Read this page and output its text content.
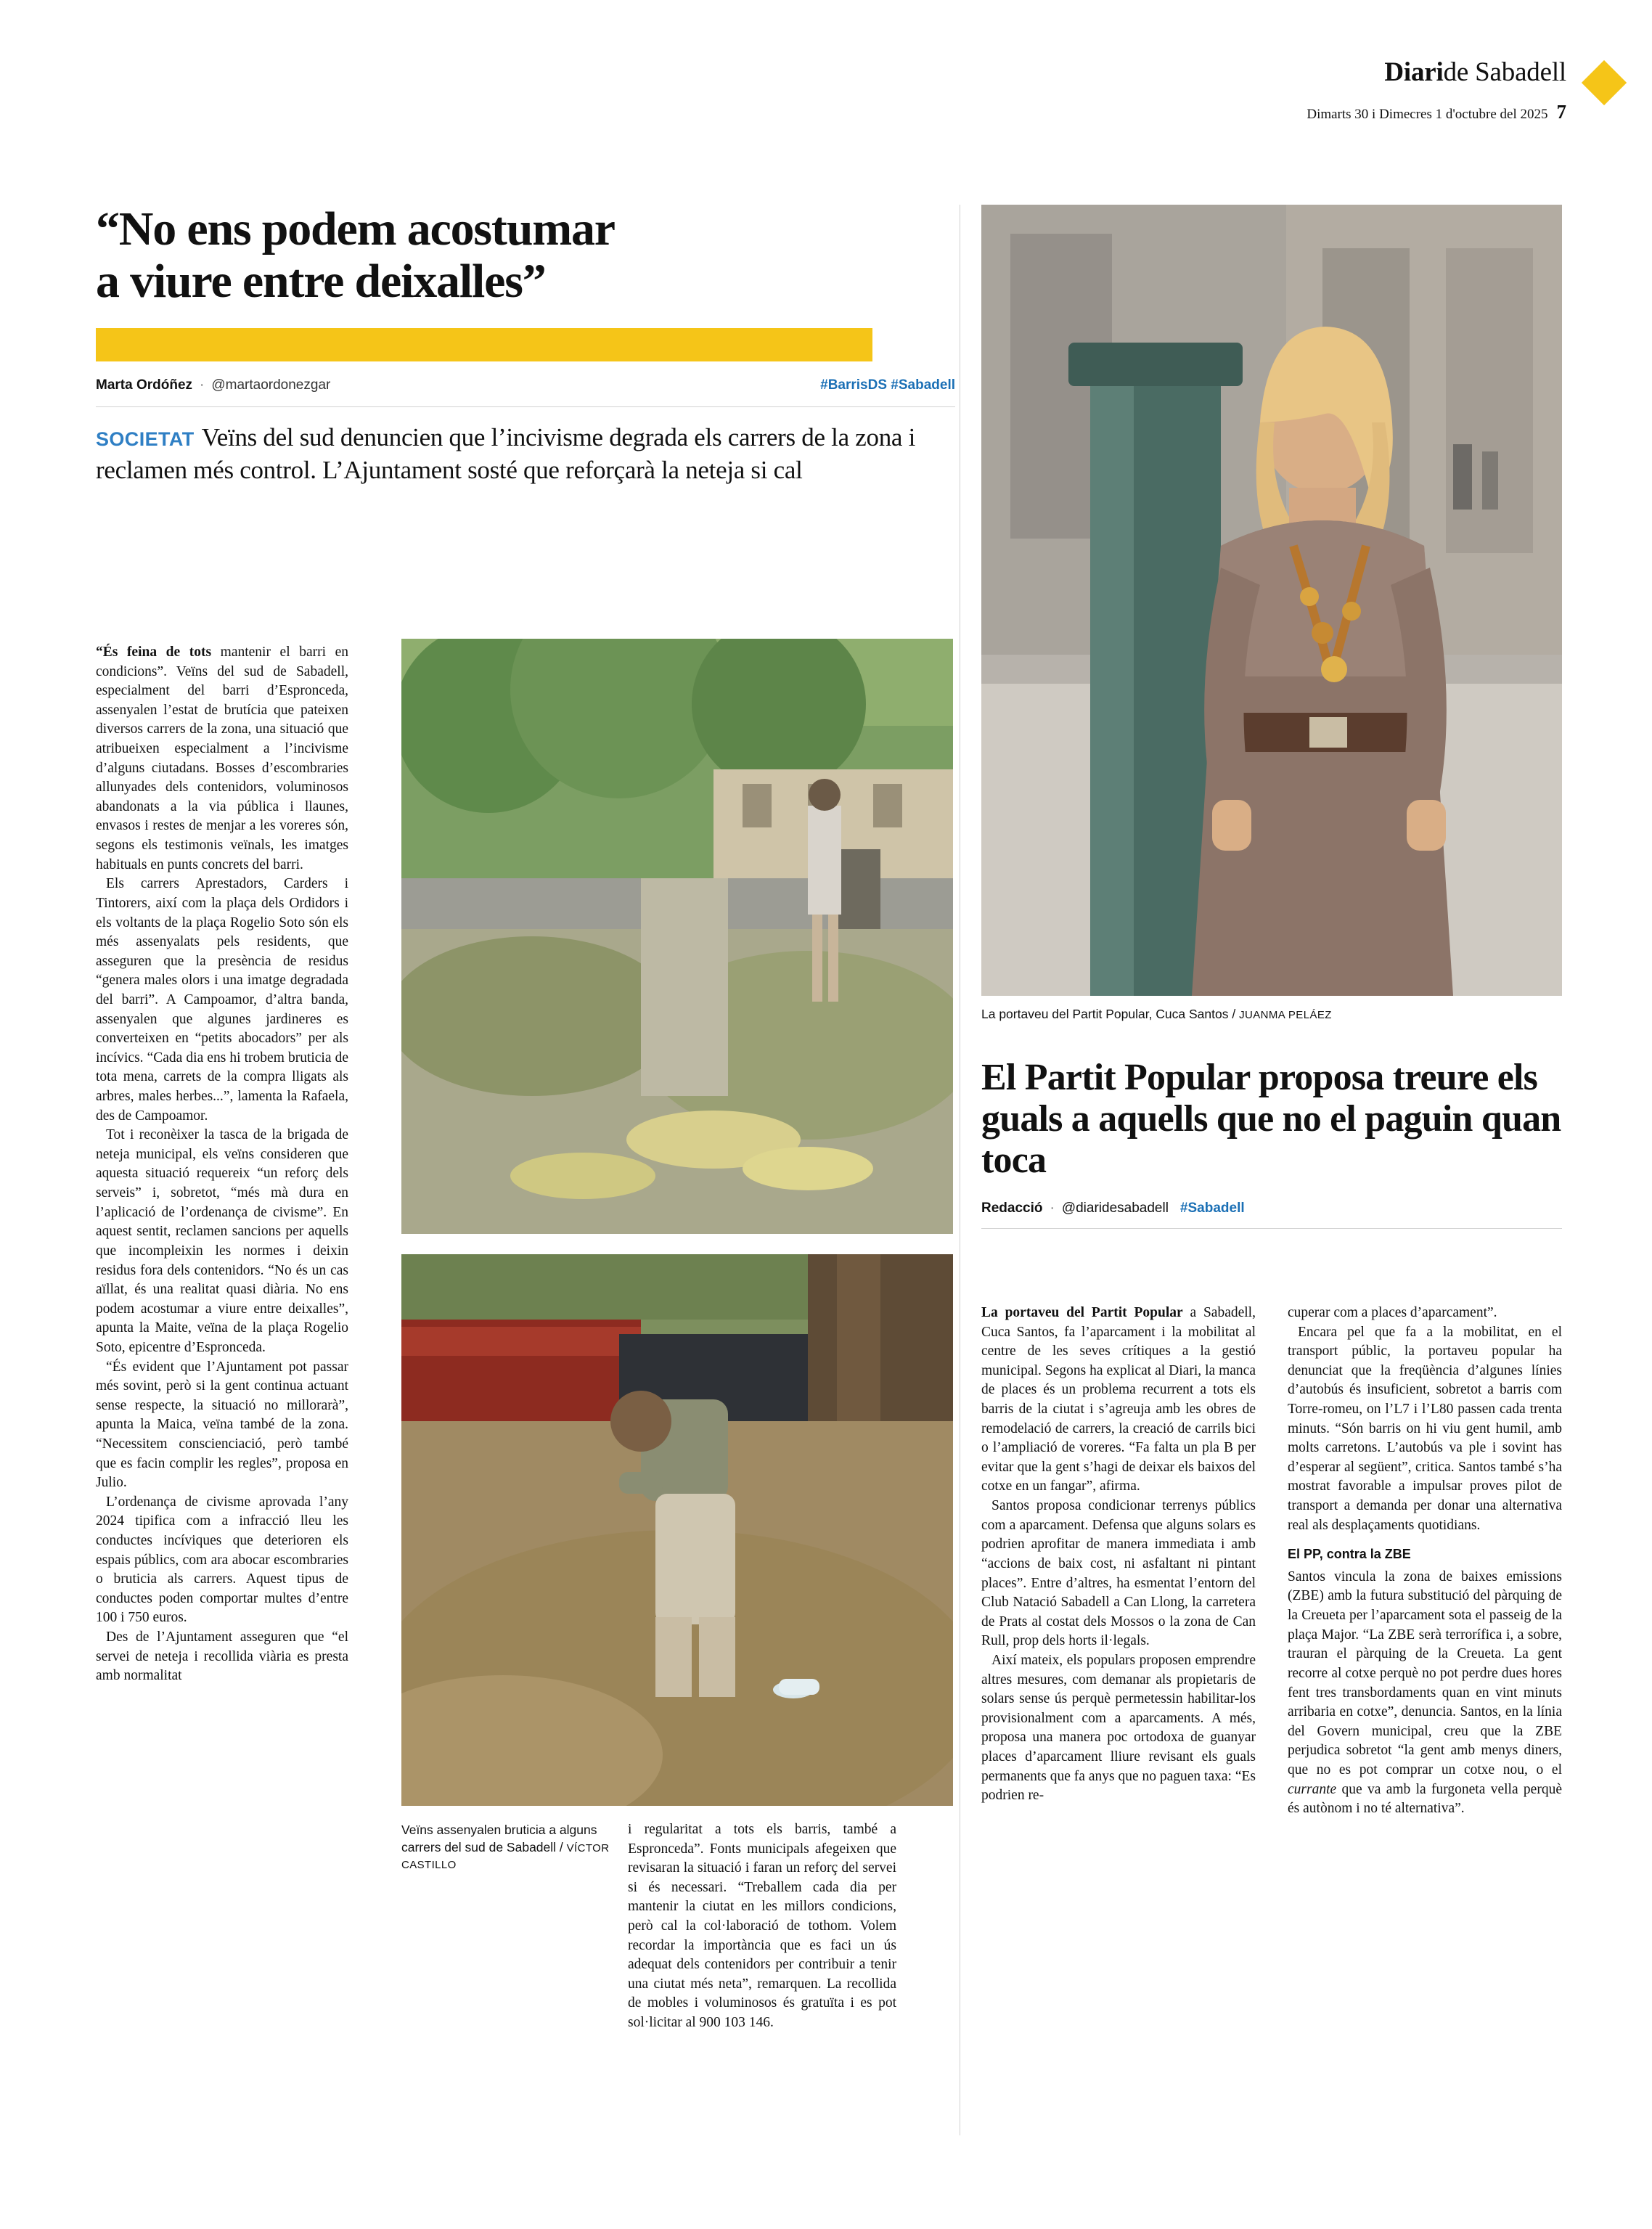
Diaride Sabadell
Dimarts 30 i Dimecres 1 d'octubre del 2025 7
“No ens podem acostumar
a viure entre deixalles”
Marta Ordóñez · @martaordonezgar	#BarrisDS #Sabadell
SOCIETAT Veïns del sud denuncien que l’incivisme degrada els carrers de la zona i reclamen més control. L’Ajuntament sosté que reforçarà la neteja si cal

“És feina de tots mantenir el barri en condicions”. Veïns del sud de Sabadell, especialment del barri d’Espronceda, assenyalen l’estat de brutícia que pateixen diversos carrers de la zona, una situació que atribueixen especialment a l’incivisme d’alguns ciutadans. Bosses d’escombraries allunyades dels contenidors, voluminosos abandonats a la via pública i llaunes, envasos i restes de menjar a les voreres són, segons els testimonis veïnals, les imatges habituals en punts concrets del barri.

Els carrers Aprestadors, Carders i Tintorers, així com la plaça dels Ordidors i els voltants de la plaça Rogelio Soto són els més assenyalats pels residents, que asseguren que la presència de residus “genera males olors i una imatge degradada del barri”. A Campoamor, d’altra banda, assenyalen que algunes jardineres es converteixen en “petits abocadors” per als incívics. “Cada dia ens hi trobem bruticia de tota mena, carrets de la compra lligats als arbres, males herbes...”, lamenta la Rafaela, des de Campoamor.

Tot i reconèixer la tasca de la brigada de neteja municipal, els veïns consideren que aquesta situació requereix “un reforç dels serveis” i, sobretot, “més mà dura en l’aplicació de l’ordenança de civisme”. En aquest sentit, reclamen sancions per aquells que incompleixin les normes i deixin residus fora dels contenidors. “No és un cas aïllat, és una realitat quasi diària. No ens podem acostumar a viure entre deixalles”, apunta la Maite, veïna de la plaça Rogelio Soto, epicentre d’Espronceda.

“És evident que l’Ajuntament pot passar més sovint, però si la gent continua actuant sense respecte, la situació no millorarà”, apunta la Maica, veïna també de la zona. “Necessitem conscienciació, però també que es facin complir les regles”, proposa en Julio.

L’ordenança de civisme aprovada l’any 2024 tipifica com a infracció lleu les conductes incíviques que deterioren els espais públics, com ara abocar escombraries o bruticia als carrers. Aquest tipus de conductes poden comportar multes d’entre 100 i 750 euros.

Des de l’Ajuntament asseguren que “el servei de neteja i recollida viària es presta amb normalitat

Veïns assenyalen bruticia a alguns carrers del sud de Sabadell / VÍCTOR CASTILLO

i regularitat a tots els barris, també a Espronceda”. Fonts municipals afegeixen que revisaran la situació i faran un reforç del servei si és necessari. “Treballem cada dia per mantenir la ciutat en les millors condicions, però cal la col·laboració de tothom. Volem recordar la importància que es faci un ús adequat dels contenidors per contribuir a tenir una ciutat més neta”, remarquen. La recollida de mobles i voluminosos és gratuïta i es pot sol·licitar al 900 103 146.

La portaveu del Partit Popular, Cuca Santos / JUANMA PELÁEZ
El Partit Popular proposa treure els guals a aquells que no el paguin quan toca
Redacció · @diaridesabadell #Sabadell

La portaveu del Partit Popular a Sabadell, Cuca Santos, fa l’aparcament i la mobilitat al centre de les seves crítiques a la gestió municipal. Segons ha explicat al Diari, la manca de places és un problema recurrent a tots els barris de la ciutat i s’agreuja amb les obres de remodelació de carrers, la creació de carrils bici o l’ampliació de voreres. “Fa falta un pla B per evitar que la gent s’hagi de deixar els baixos del cotxe en un fangar”, afirma.

Santos proposa condicionar terrenys públics com a aparcament. Defensa que alguns solars es podrien aprofitar de manera immediata i amb “accions de baix cost, ni asfaltant ni pintant places”. Entre d’altres, ha esmentat l’entorn del Club Natació Sabadell a Can Llong, la carretera de Prats al costat dels Mossos o la zona de Can Rull, prop dels horts il·legals.

Així mateix, els populars proposen emprendre altres mesures, com demanar als propietaris de solars sense ús perquè permetessin habilitar-los provisionalment com a aparcaments. A més, proposa una manera poc ortodoxa de guanyar places d’aparcament lliure revisant els guals permanents que fa anys que no paguen taxa: “Es podrien re-

cuperar com a places d’aparcament”.

Encara pel que fa a la mobilitat, en el transport públic, la portaveu popular ha denunciat que la freqüència d’algunes línies d’autobús és insuficient, sobretot a barris com Torre-romeu, on l’L7 i l’L80 passen cada trenta minuts. “Són barris on hi viu gent humil, amb molts carretons. L’autobús va ple i sovint has d’esperar al següent”, critica. Santos també s’ha mostrat favorable a impulsar proves pilot de transport a demanda per donar una alternativa real als desplaçaments quotidians.

El PP, contra la ZBE

Santos vincula la zona de baixes emissions (ZBE) amb la futura substitució del pàrquing de la Creueta per l’aparcament sota el passeig de la plaça Major. “La ZBE serà terrorífica i, a sobre, trauran el pàrquing de la Creueta. La gent recorre al cotxe perquè no pot perdre dues hores fent tres transbordaments quan en vint minuts arribaria en cotxe”, denuncia. Santos, en la línia del Govern municipal, creu que la ZBE perjudica sobretot “la gent amb menys diners, que no es pot comprar un cotxe nou, o el currante que va amb la furgoneta vella perquè és autònom i no té alternativa”.
